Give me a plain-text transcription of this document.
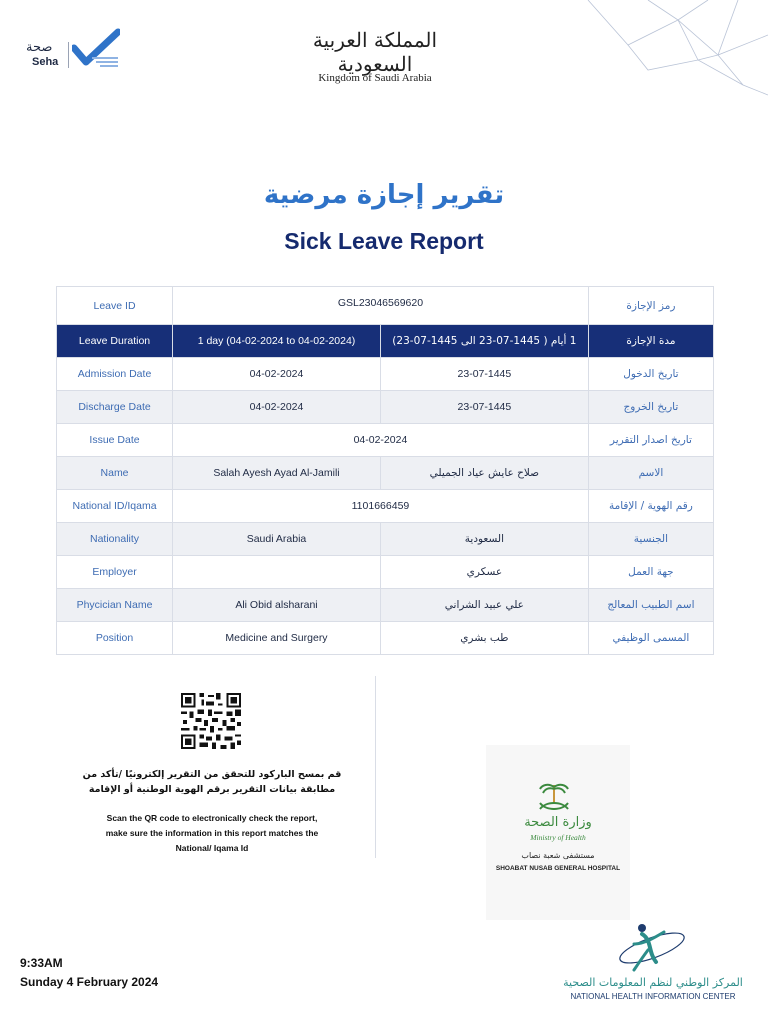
صحة
Seha
المملكة العربية السعودية
Kingdom of Saudi Arabia
تقرير إجازة مرضية
Sick Leave Report
Leave ID	GSL23046569620		رمز الإجازة
Leave Duration	1 day (04-02-2024 to 04-02-2024)	1 أيام ( 1445-07-23 الى 1445-07-23)	مدة الإجازة
Admission Date	04-02-2024	23-07-1445	تاريخ الدخول
Discharge Date	04-02-2024	23-07-1445	تاريخ الخروج
Issue Date	04-02-2024		تاريخ اصدار التقرير
Name	Salah Ayesh Ayad Al-Jamili	صلاح عايش عياد الجميلي	الاسم
National ID/Iqama	1101666459		رقم الهوية / الإقامة
Nationality	Saudi Arabia	السعودية	الجنسية
Employer		عسكري	جهة العمل
Phycician Name	Ali Obid alsharani	علي عبيد الشراني	اسم الطبيب المعالج
Position	Medicine and Surgery	طب بشري	المسمى الوظيفي
قم بمسح الباركود للتحقق من التقرير إلكترونيًا /تأكد من
مطابقة بيانات التقرير برقم الهوية الوطنية أو الإقامة
Scan the QR code to electronically check the report,
make sure the information in this report matches the
National/ Iqama Id
وزارة الصحة
Ministry of Health
مستشفى شعبة نصاب
SHOABAT NUSAB GENERAL HOSPITAL
9:33AM
Sunday 4 February 2024	المركز الوطني لنظم المعلومات الصحية
NATIONAL HEALTH INFORMATION CENTER
